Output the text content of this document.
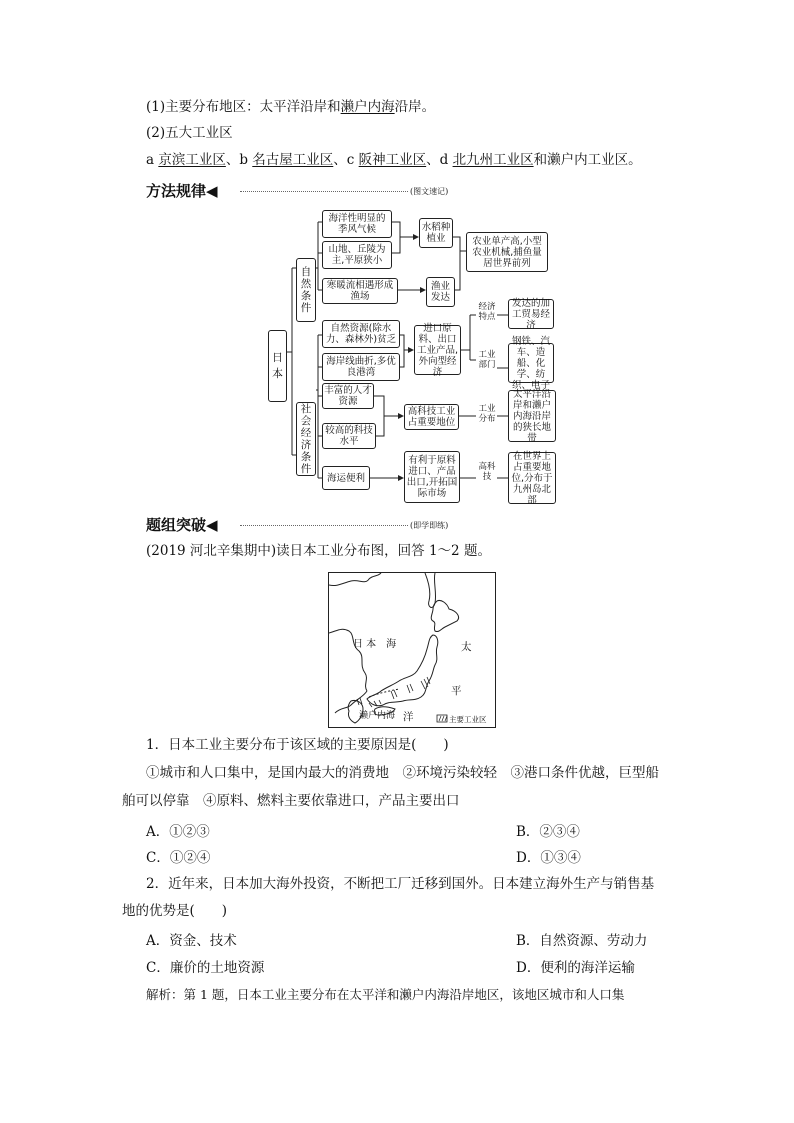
(1)主要分布地区：太平洋沿岸和濑户内海沿岸。
(2)五大工业区
a 京滨工业区、b 名古屋工业区、c 阪神工业区、d 北九州工业区和濑户内工业区。
方法规律◀	(图文速记)
日本
自然条件
社会经济条件
海洋性明显的季风气候
山地、丘陵为主,平原狭小
寒暖流相遇形成渔场
自然资源(除水力、森林外)贫乏
海岸线曲折,多优良港湾
丰富的人才资源
较高的科技水平
海运便利
水稻种植业
渔业发达
进口原料、出口工业产品,外向型经济
高科技工业占重要地位
有利于原料进口、产品出口,开拓国际市场
农业单产高,小型农业机械,捕鱼量居世界前列
发达的加工贸易经济
钢铁、汽车、造船、化学、纺织、电子
太平洋沿岸和濑户内海沿岸的狭长地带
在世界上占重要地位,分布于九州岛北部
经济特点
工业部门
工业分布
高科技
题组突破◀	(即学即练)
(2019 河北辛集期中)读日本工业分布图，回答 1～2 题。
日 本　海	太
平
洋
濑户内海	主要工业区
1．日本工业主要分布于该区域的主要原因是(　　)
①城市和人口集中，是国内最大的消费地　②环境污染较轻　③港口条件优越，巨型船
舶可以停靠　④原料、燃料主要依靠进口，产品主要出口
A．①②③	B．②③④
C．①②④	D．①③④
2．近年来，日本加大海外投资，不断把工厂迁移到国外。日本建立海外生产与销售基
地的优势是(　　)
A．资金、技术	B．自然资源、劳动力
C．廉价的土地资源	D．便利的海洋运输
解析：第 1 题，日本工业主要分布在太平洋和濑户内海沿岸地区，该地区城市和人口集
